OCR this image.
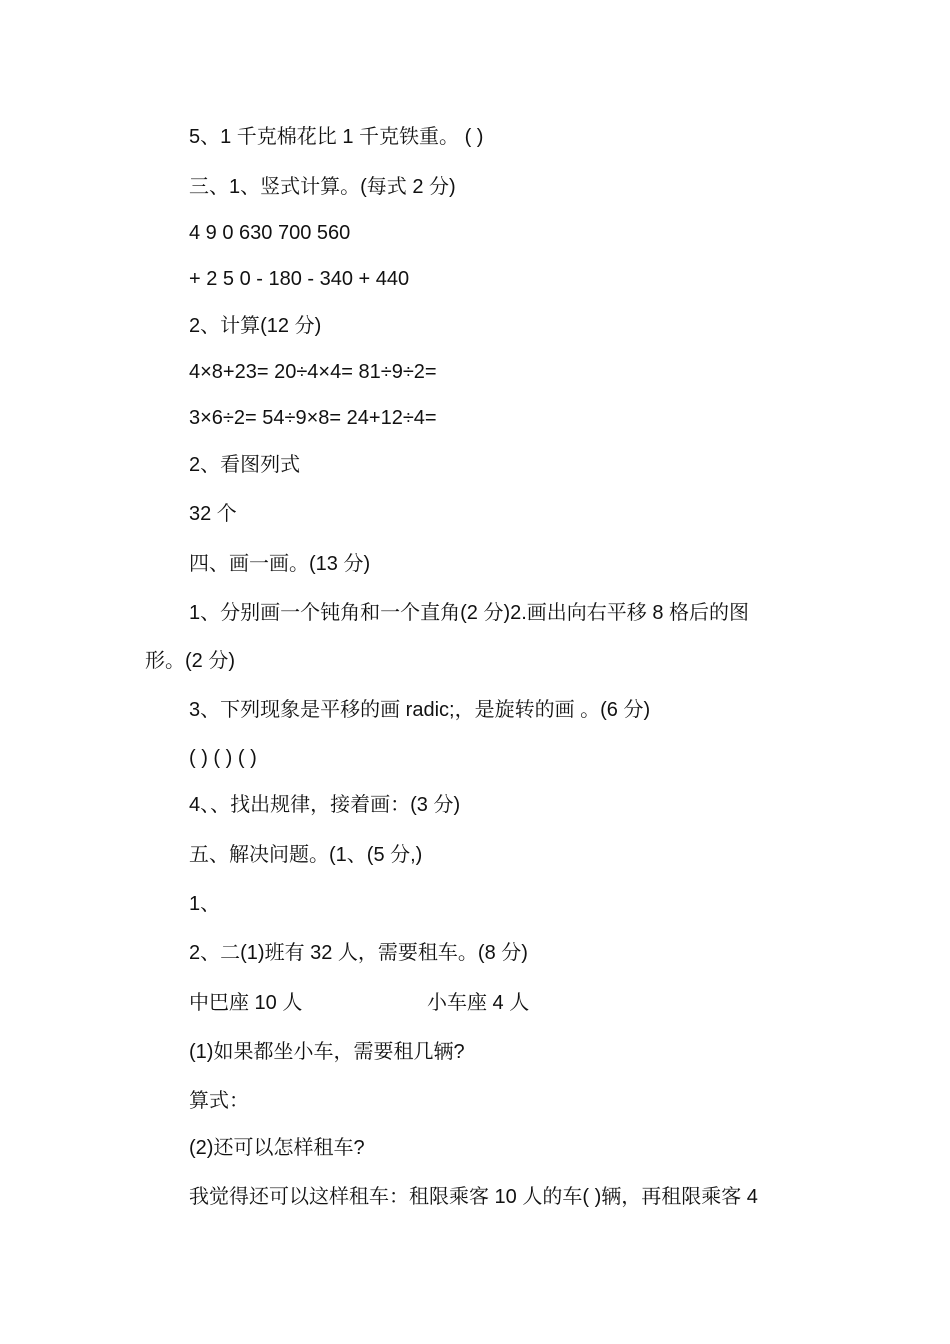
5、1 千克棉花比 1 千克铁重。 ( )
三、1、竖式计算。(每式 2 分)
4 9 0 630 700 560
+ 2 5 0 - 180 - 340 + 440
2、计算(12 分)
4×8+23= 20÷4×4= 81÷9÷2=
3×6÷2= 54÷9×8= 24+12÷4=
2、看图列式
32 个
四、画一画。(13 分)
1、分别画一个钝角和一个直角(2 分)2.画出向右平移 8 格后的图
形。(2 分)
3、下列现象是平移的画 radic;，是旋转的画 。(6 分)
( ) ( ) ( )
4、、找出规律，接着画：(3 分)
五、解决问题。(1、(5 分,)
1、
2、二(1)班有 32 人，需要租车。(8 分)
中巴座 10 人	小车座 4 人
(1)如果都坐小车，需要租几辆?
算式：
(2)还可以怎样租车?
我觉得还可以这样租车：租限乘客 10 人的车( )辆，再租限乘客 4
